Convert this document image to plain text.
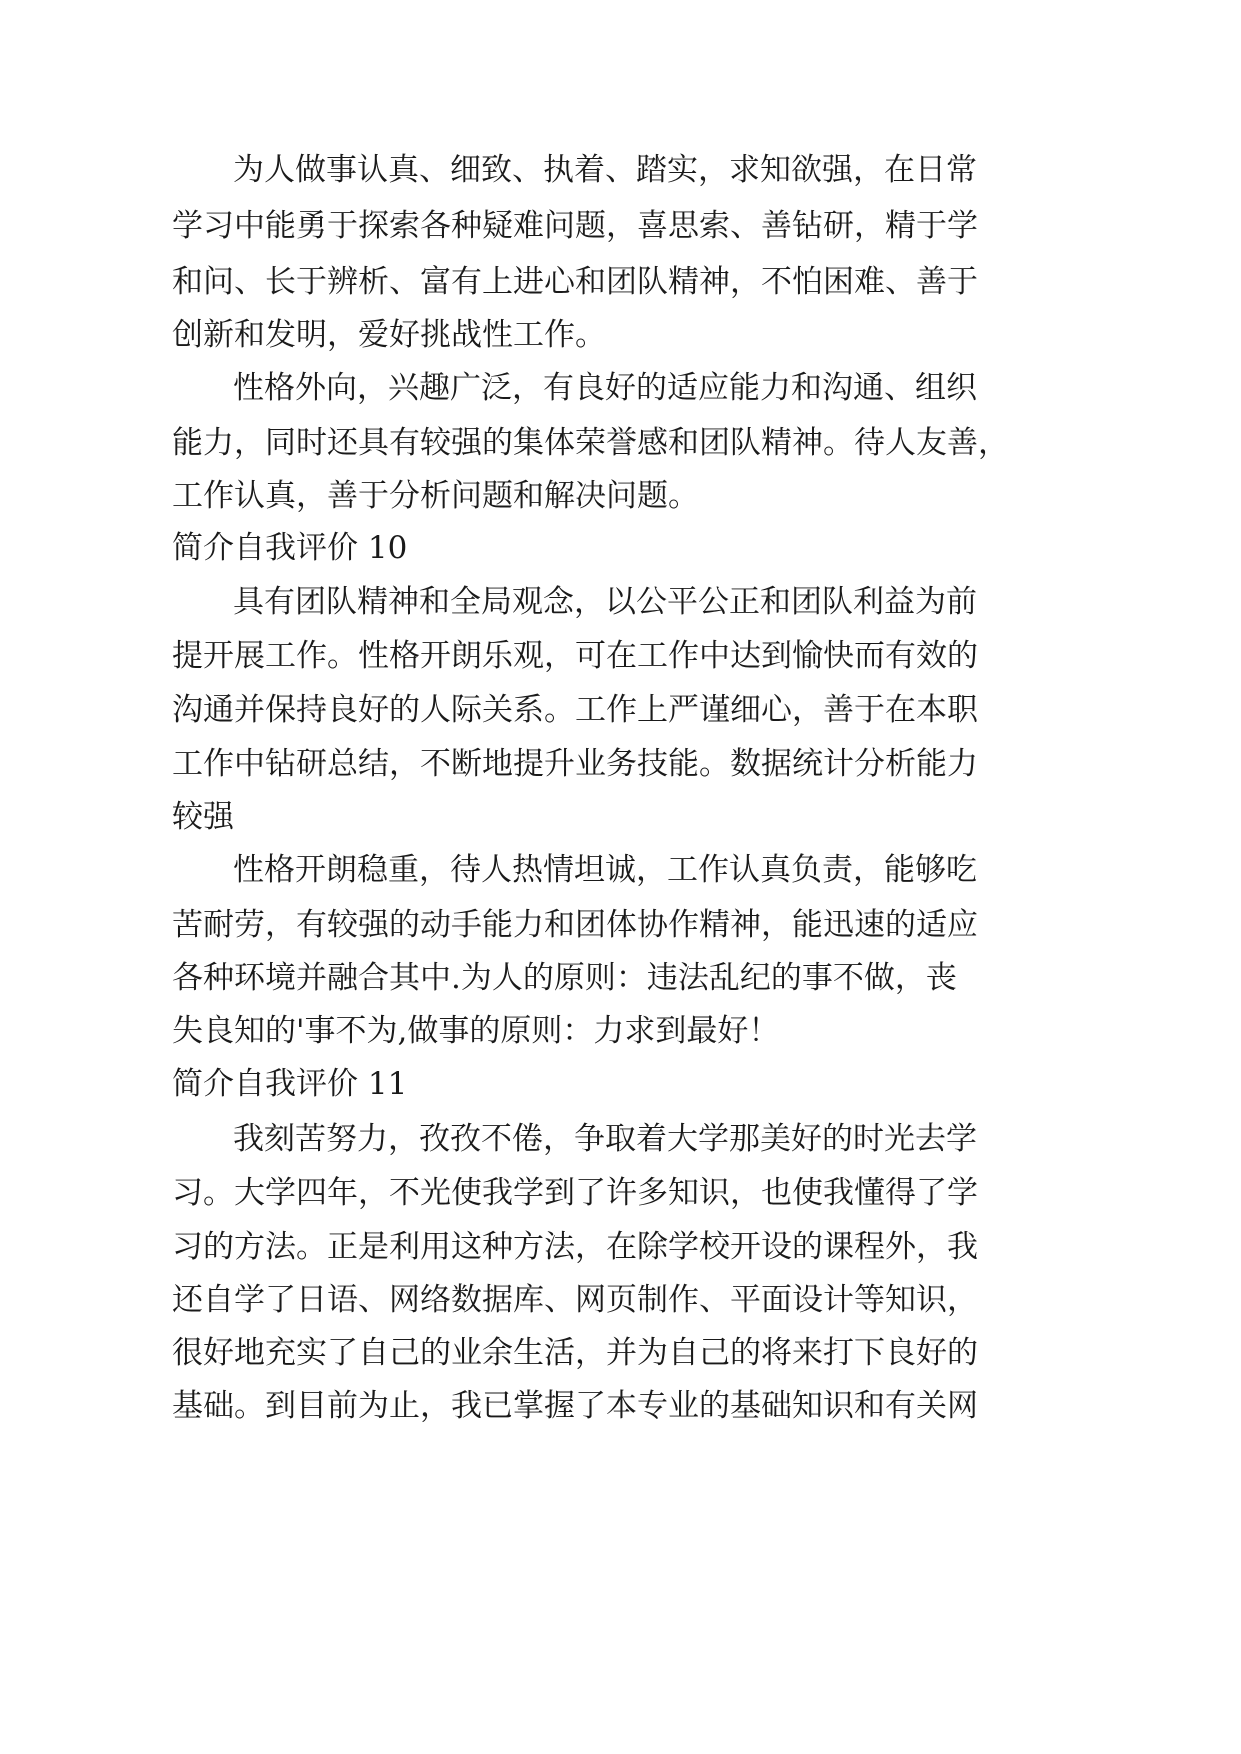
为人做事认真、细致、执着、踏实，求知欲强，在日常
学习中能勇于探索各种疑难问题，喜思索、善钻研，精于学
和问、长于辨析、富有上进心和团队精神，不怕困难、善于
创新和发明，爱好挑战性工作。
性格外向，兴趣广泛，有良好的适应能力和沟通、组织
能力，同时还具有较强的集体荣誉感和团队精神。待人友善，
工作认真，善于分析问题和解决问题。
简介自我评价 10
具有团队精神和全局观念，以公平公正和团队利益为前
提开展工作。性格开朗乐观，可在工作中达到愉快而有效的
沟通并保持良好的人际关系。工作上严谨细心，善于在本职
工作中钻研总结，不断地提升业务技能。数据统计分析能力
较强
性格开朗稳重，待人热情坦诚，工作认真负责，能够吃
苦耐劳，有较强的动手能力和团体协作精神，能迅速的适应
各种环境并融合其中.为人的原则：违法乱纪的事不做，丧
失良知的'事不为,做事的原则：力求到最好！
简介自我评价 11
我刻苦努力，孜孜不倦，争取着大学那美好的时光去学
习。大学四年，不光使我学到了许多知识，也使我懂得了学
习的方法。正是利用这种方法，在除学校开设的课程外，我
还自学了日语、网络数据库、网页制作、平面设计等知识，
很好地充实了自己的业余生活，并为自己的将来打下良好的
基础。到目前为止，我已掌握了本专业的基础知识和有关网
